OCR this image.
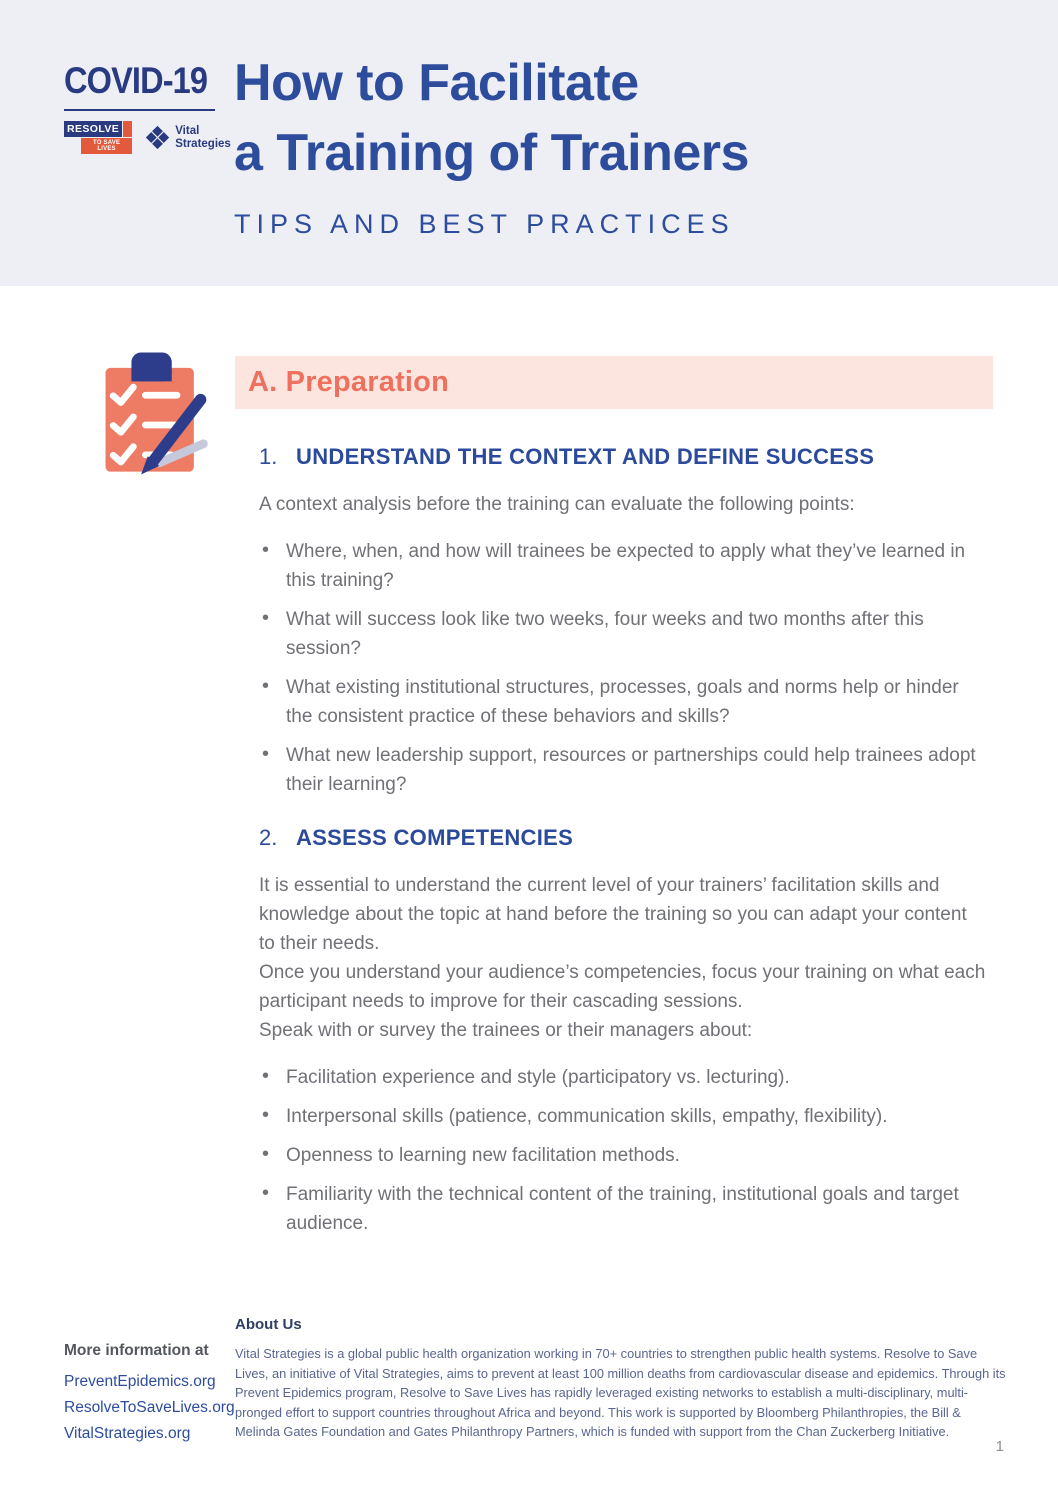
COVID-19
RESOLVE
TO SAVE LIVES
Vital
Strategies
How to Facilitate
a Training of Trainers
TIPS AND BEST PRACTICES
A. Preparation
1. UNDERSTAND THE CONTEXT AND DEFINE SUCCESS

A context analysis before the training can evaluate the following points:

• Where, when, and how will trainees be expected to apply what they’ve learned in this training?
• What will success look like two weeks, four weeks and two months after this session?
• What existing institutional structures, processes, goals and norms help or hinder the consistent practice of these behaviors and skills?
• What new leadership support, resources or partnerships could help trainees adopt their learning?
2. ASSESS COMPETENCIES

It is essential to understand the current level of your trainers’ facilitation skills and knowledge about the topic at hand before the training so you can adapt your content to their needs.

Once you understand your audience’s competencies, focus your training on what each participant needs to improve for their cascading sessions.

Speak with or survey the trainees or their managers about:

• Facilitation experience and style (participatory vs. lecturing).
• Interpersonal skills (patience, communication skills, empathy, flexibility).
• Openness to learning new facilitation methods.
• Familiarity with the technical content of the training, institutional goals and target audience.
More information at
PreventEpidemics.org
ResolveToSaveLives.org
VitalStrategies.org
About Us
Vital Strategies is a global public health organization working in 70+ countries to strengthen public health systems. Resolve to Save Lives, an initiative of Vital Strategies, aims to prevent at least 100 million deaths from cardiovascular disease and epidemics. Through its Prevent Epidemics program, Resolve to Save Lives has rapidly leveraged existing networks to establish a multi-disciplinary, multi-pronged effort to support countries throughout Africa and beyond. This work is supported by Bloomberg Philanthropies, the Bill & Melinda Gates Foundation and Gates Philanthropy Partners, which is funded with support from the Chan Zuckerberg Initiative.
1
